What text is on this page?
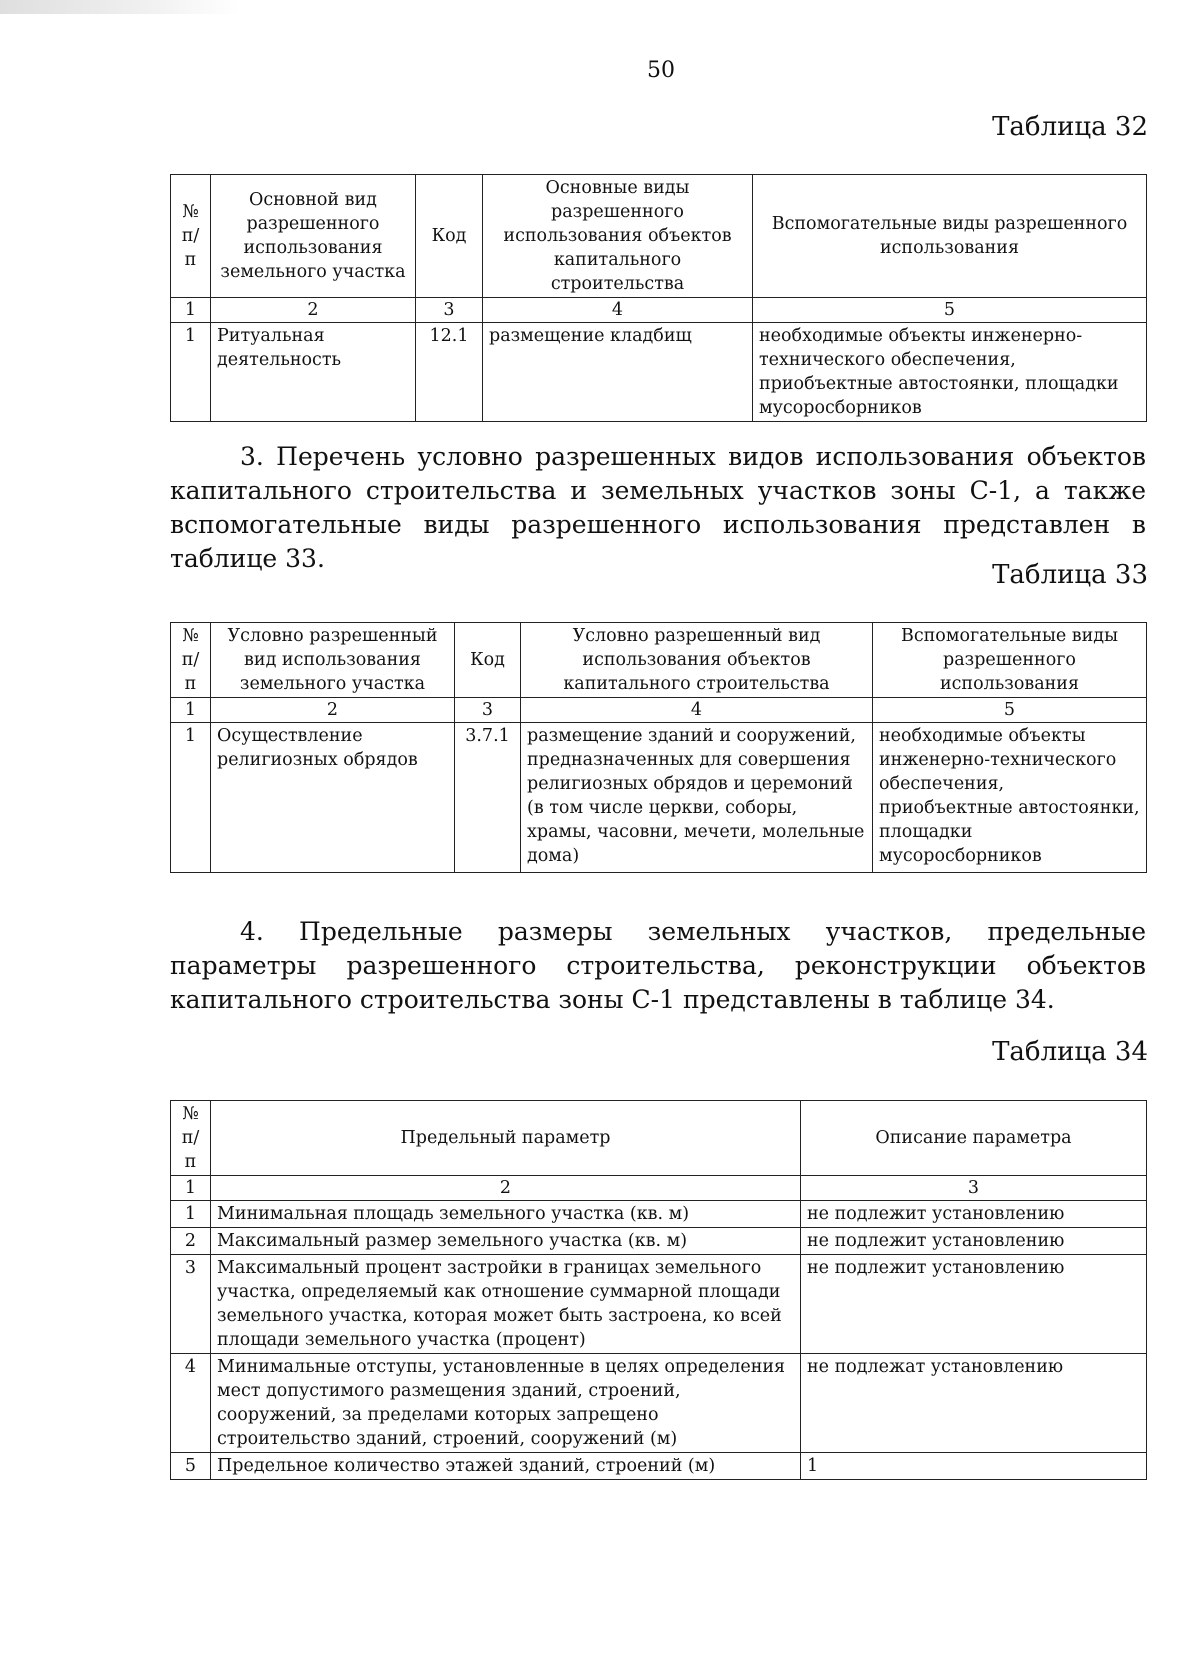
50
Таблица 32
№ п/п	Основной вид разрешенного использования земельного участка	Код	Основные виды разрешенного использования объектов капитального строительства	Вспомогательные виды разрешенного использования
1	2	3	4	5
1	Ритуальная деятельность	12.1	размещение кладбищ	необходимые объекты инженерно-технического обеспечения, приобъектные автостоянки, площадки мусоросборников
3. Перечень условно разрешенных видов использования объектов капитального строительства и земельных участков зоны С-1, а также вспомогательные виды разрешенного использования представлен в таблице 33.
Таблица 33
№ п/п	Условно разрешенный вид использования земельного участка	Код	Условно разрешенный вид использования объектов капитального строительства	Вспомогательные виды разрешенного использования
1	2	3	4	5
1	Осуществление религиозных обрядов	3.7.1	размещение зданий и сооружений, предназначенных для совершения религиозных обрядов и церемоний (в том числе церкви, соборы, храмы, часовни, мечети, молельные дома)	необходимые объекты инженерно-технического обеспечения, приобъектные автостоянки, площадки мусоросборников
4. Предельные размеры земельных участков, предельные параметры разрешенного строительства, реконструкции объектов капитального строительства зоны С-1 представлены в таблице 34.
Таблица 34
№ п/п	Предельный параметр	Описание параметра
1	2	3
1	Минимальная площадь земельного участка (кв. м)	не подлежит установлению
2	Максимальный размер земельного участка (кв. м)	не подлежит установлению
3	Максимальный процент застройки в границах земельного участка, определяемый как отношение суммарной площади земельного участка, которая может быть застроена, ко всей площади земельного участка (процент)	не подлежит установлению
4	Минимальные отступы, установленные в целях определения мест допустимого размещения зданий, строений, сооружений, за пределами которых запрещено строительство зданий, строений, сооружений (м)	не подлежат установлению
5	Предельное количество этажей зданий, строений (м)	1
